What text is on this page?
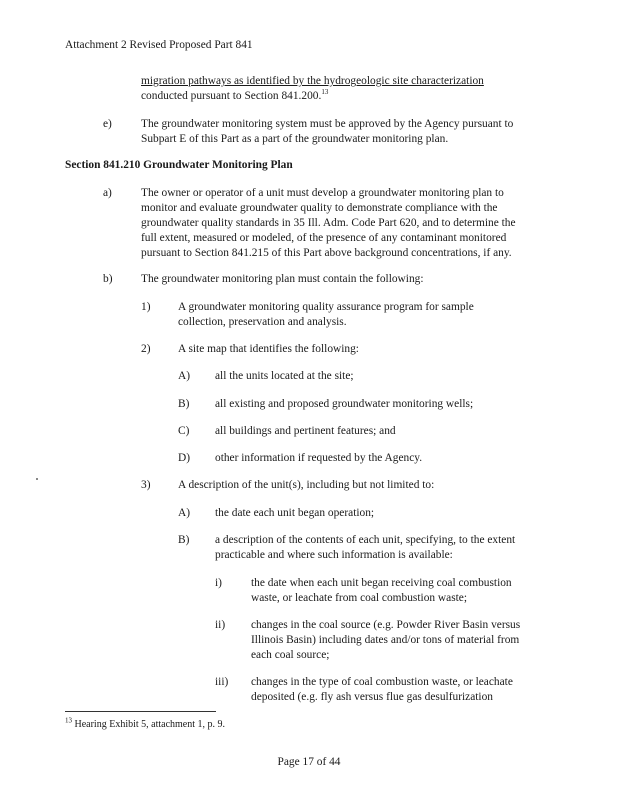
Attachment 2 Revised Proposed Part 841
migration pathways as identified by the hydrogeologic site characterization
conducted pursuant to Section 841.200.13
e)	The groundwater monitoring system must be approved by the Agency pursuant to
Subpart E of this Part as a part of the groundwater monitoring plan.
Section 841.210 Groundwater Monitoring Plan
a)	The owner or operator of a unit must develop a groundwater monitoring plan to
monitor and evaluate groundwater quality to demonstrate compliance with the
groundwater quality standards in 35 Ill. Adm. Code Part 620, and to determine the
full extent, measured or modeled, of the presence of any contaminant monitored
pursuant to Section 841.215 of this Part above background concentrations, if any.
b)	The groundwater monitoring plan must contain the following:
1) A groundwater monitoring quality assurance program for sample
collection, preservation and analysis.
2) A site map that identifies the following:
A) all the units located at the site;
B) all existing and proposed groundwater monitoring wells;
C) all buildings and pertinent features; and
D) other information if requested by the Agency.
3) A description of the unit(s), including but not limited to:
A) the date each unit began operation;
B) a description of the contents of each unit, specifying, to the extent
practicable and where such information is available:
i)	the date when each unit began receiving coal combustion
waste, or leachate from coal combustion waste;
ii) changes in the coal source (e.g. Powder River Basin versus
Illinois Basin) including dates and/or tons of material from
each coal source;
iii) changes in the type of coal combustion waste, or leachate
deposited (e.g. fly ash versus flue gas desulfurization
$^{13}$ Hearing Exhibit 5, attachment 1, p. 9.
Page 17 of 44
